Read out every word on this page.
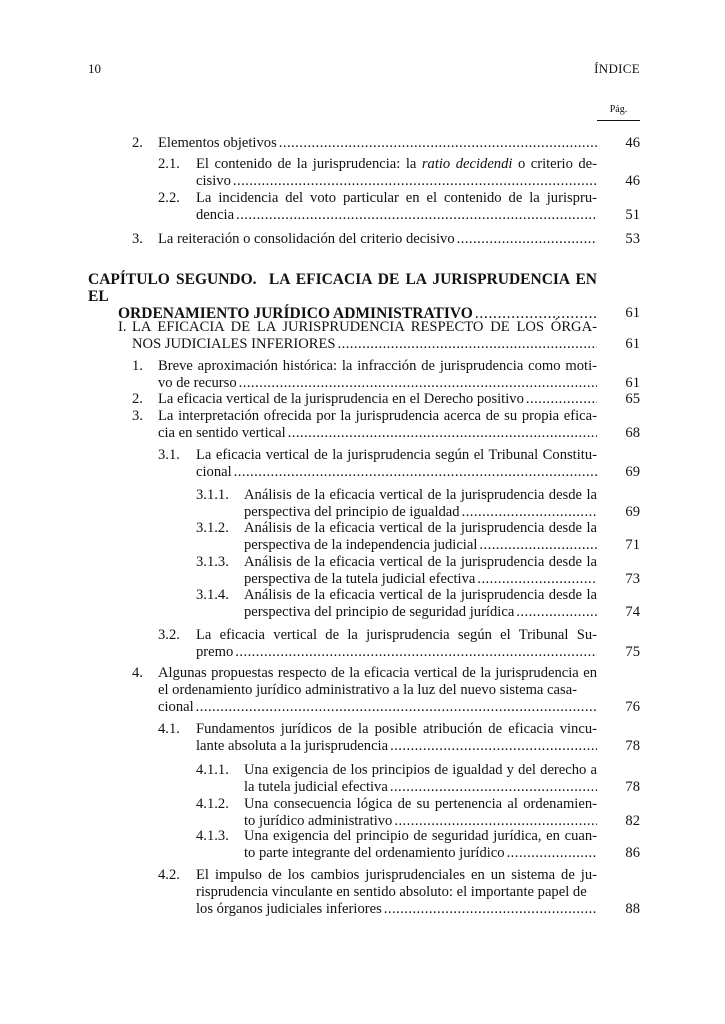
10	ÍNDICE
Pág.
2. Elementos objetivos . . .	46
2.1. El contenido de la jurisprudencia: la ratio decidendi o criterio de-
cisivo . . .	46
2.2. La incidencia del voto particular en el contenido de la jurispru-
dencia . . .	51
3. La reiteración o consolidación del criterio decisivo . . .	53
CAPÍTULO SEGUNDO. LA EFICACIA DE LA JURISPRUDENCIA EN EL
ORDENAMIENTO JURÍDICO ADMINISTRATIVO . . .	61
I. LA EFICACIA DE LA JURISPRUDENCIA RESPECTO DE LOS ÓRGA-
NOS JUDICIALES INFERIORES . . .	61
1. Breve aproximación histórica: la infracción de jurisprudencia como moti-
vo de recurso . . .	61
2. La eficacia vertical de la jurisprudencia en el Derecho positivo . . .	65
3. La interpretación ofrecida por la jurisprudencia acerca de su propia efica-
cia en sentido vertical . . .	68
3.1. La eficacia vertical de la jurisprudencia según el Tribunal Constitu-
cional . . .	69
3.1.1. Análisis de la eficacia vertical de la jurisprudencia desde la
perspectiva del principio de igualdad . . .	69
3.1.2. Análisis de la eficacia vertical de la jurisprudencia desde la
perspectiva de la independencia judicial . . .	71
3.1.3. Análisis de la eficacia vertical de la jurisprudencia desde la
perspectiva de la tutela judicial efectiva . . .	73
3.1.4. Análisis de la eficacia vertical de la jurisprudencia desde la
perspectiva del principio de seguridad jurídica . . .	74
3.2. La eficacia vertical de la jurisprudencia según el Tribunal Su-
premo . . .	75
4. Algunas propuestas respecto de la eficacia vertical de la jurisprudencia en el ordenamiento jurídico administrativo a la luz del nuevo sistema casa-
cional . . .	76
4.1. Fundamentos jurídicos de la posible atribución de eficacia vincu-
lante absoluta a la jurisprudencia . . .	78
4.1.1. Una exigencia de los principios de igualdad y del derecho a
la tutela judicial efectiva . . .	78
4.1.2. Una consecuencia lógica de su pertenencia al ordenamien-
to jurídico administrativo . . .	82
4.1.3. Una exigencia del principio de seguridad jurídica, en cuan-
to parte integrante del ordenamiento jurídico . . .	86
4.2. El impulso de los cambios jurisprudenciales en un sistema de ju- risprudencia vinculante en sentido absoluto: el importante papel de
los órganos judiciales inferiores . . .	88
